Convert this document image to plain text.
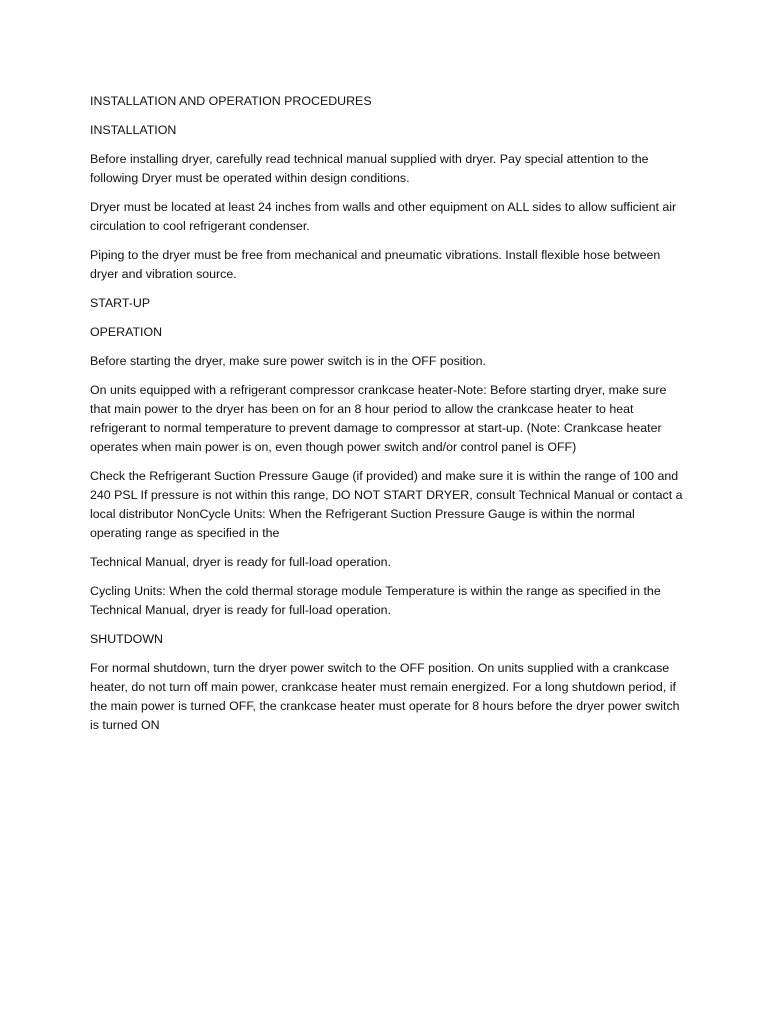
INSTALLATION AND OPERATION PROCEDURES

INSTALLATION

Before installing dryer, carefully read technical manual supplied with dryer. Pay special attention to the following Dryer must be operated within design conditions.

Dryer must be located at least 24 inches from walls and other equipment on ALL sides to allow sufficient air circulation to cool refrigerant condenser.

Piping to the dryer must be free from mechanical and pneumatic vibrations. Install flexible hose between dryer and vibration source.

START-UP

OPERATION

Before starting the dryer, make sure power switch is in the OFF position.

On units equipped with a refrigerant compressor crankcase heater-Note: Before starting dryer, make sure that main power to the dryer has been on for an 8 hour period to allow the crankcase heater to heat refrigerant to normal temperature to prevent damage to compressor at start-up. (Note: Crankcase heater operates when main power is on, even though power switch and/or control panel is OFF)

Check the Refrigerant Suction Pressure Gauge (if provided) and make sure it is within the range of 100 and 240 PSL If pressure is not within this range, DO NOT START DRYER, consult Technical Manual or contact a local distributor NonCycle Units: When the Refrigerant Suction Pressure Gauge is within the normal operating range as specified in the

Technical Manual, dryer is ready for full-load operation.

Cycling Units: When the cold thermal storage module Temperature is within the range as specified in the Technical Manual, dryer is ready for full-load operation.

SHUTDOWN

For normal shutdown, turn the dryer power switch to the OFF position. On units supplied with a crankcase heater, do not turn off main power, crankcase heater must remain energized. For a long shutdown period, if the main power is turned OFF, the crankcase heater must operate for 8 hours before the dryer power switch is turned ON
